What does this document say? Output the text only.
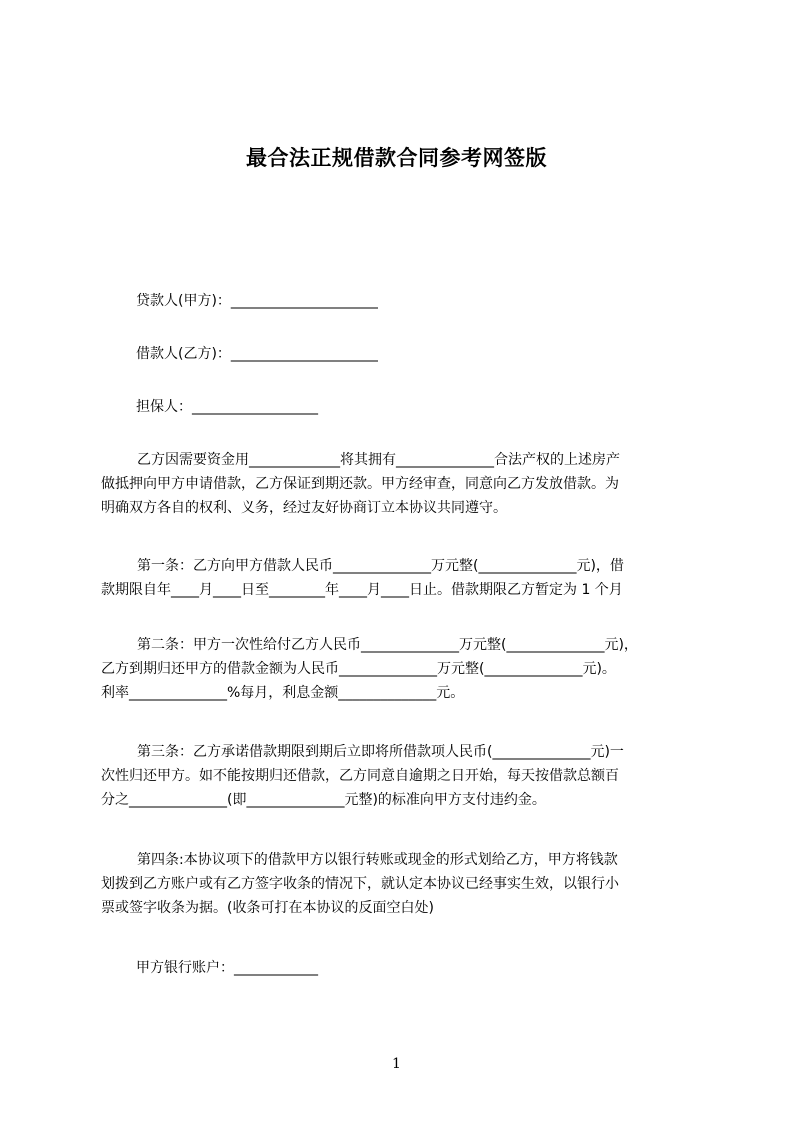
最合法正规借款合同参考网签版
贷款人(甲方)：_____________________
借款人(乙方)：_____________________
担保人：__________________
乙方因需要资金用_____________将其拥有______________合法产权的上述房产
做抵押向甲方申请借款，乙方保证到期还款。甲方经审查，同意向乙方发放借款。为
明确双方各自的权利、义务，经过友好协商订立本协议共同遵守。
第一条：乙方向甲方借款人民币______________万元整(______________元)，借
款期限自年____月____日至________年____月____日止。借款期限乙方暂定为 1 个月
第二条：甲方一次性给付乙方人民币______________万元整(______________元)，
乙方到期归还甲方的借款金额为人民币______________万元整(______________元)。
利率______________%每月，利息金额______________元。
第三条：乙方承诺借款期限到期后立即将所借款项人民币(______________元)一
次性归还甲方。如不能按期归还借款，乙方同意自逾期之日开始，每天按借款总额百
分之______________(即______________元整)的标准向甲方支付违约金。
第四条:本协议项下的借款甲方以银行转账或现金的形式划给乙方，甲方将钱款
划拨到乙方账户或有乙方签字收条的情况下，就认定本协议已经事实生效，以银行小
票或签字收条为据。(收条可打在本协议的反面空白处)
甲方银行账户：____________
1
